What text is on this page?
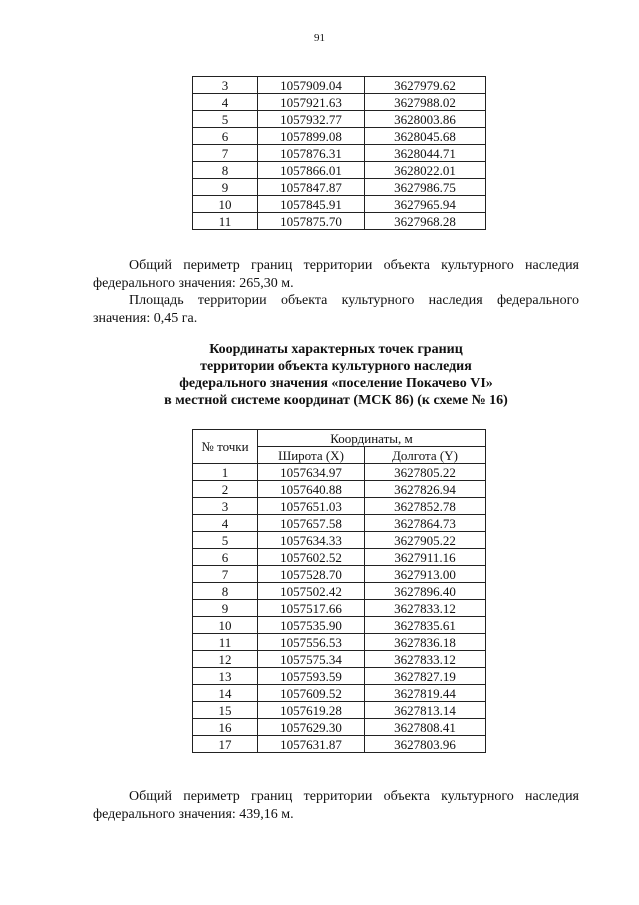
91
3	1057909.04	3627979.62
4	1057921.63	3627988.02
5	1057932.77	3628003.86
6	1057899.08	3628045.68
7	1057876.31	3628044.71
8	1057866.01	3628022.01
9	1057847.87	3627986.75
10	1057845.91	3627965.94
11	1057875.70	3627968.28
Общий периметр границ территории объекта культурного наследия федерального значения: 265,30 м.
Площадь территории объекта культурного наследия федерального значения: 0,45 га.
Координаты характерных точек границ
территории объекта культурного наследия
федерального значения «поселение Покачево VI»
в местной системе координат (МСК 86) (к схеме № 16)
№ точки	Координаты, м	
	Широта (X)	Долгота (Y)
1	1057634.97	3627805.22
2	1057640.88	3627826.94
3	1057651.03	3627852.78
4	1057657.58	3627864.73
5	1057634.33	3627905.22
6	1057602.52	3627911.16
7	1057528.70	3627913.00
8	1057502.42	3627896.40
9	1057517.66	3627833.12
10	1057535.90	3627835.61
11	1057556.53	3627836.18
12	1057575.34	3627833.12
13	1057593.59	3627827.19
14	1057609.52	3627819.44
15	1057619.28	3627813.14
16	1057629.30	3627808.41
17	1057631.87	3627803.96
Общий периметр границ территории объекта культурного наследия федерального значения: 439,16 м.
